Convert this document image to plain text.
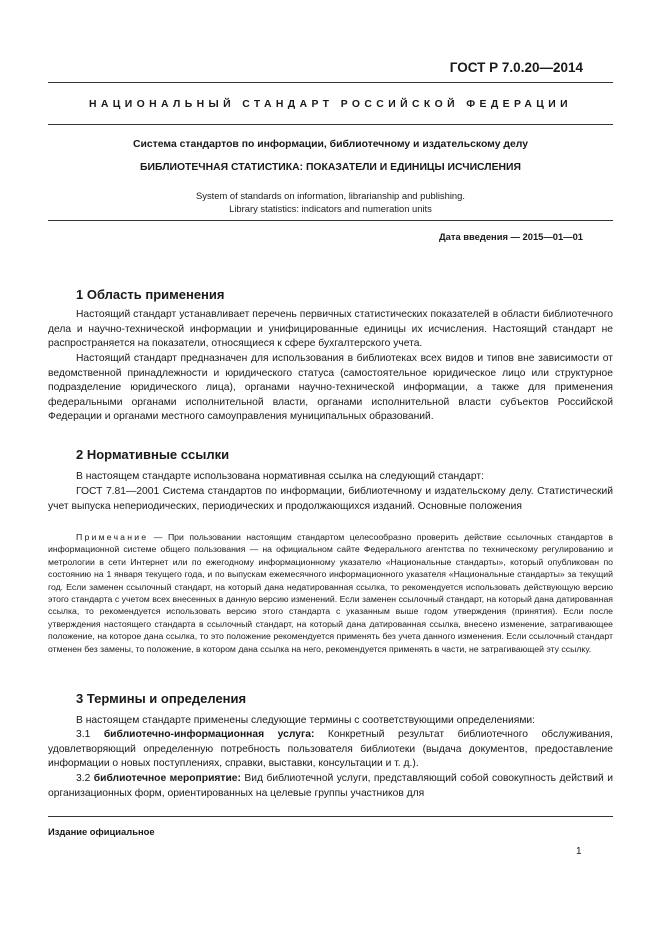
ГОСТ Р 7.0.20—2014
НАЦИОНАЛЬНЫЙ СТАНДАРТ РОССИЙСКОЙ ФЕДЕРАЦИИ
Система стандартов по информации, библиотечному и издательскому делу
БИБЛИОТЕЧНАЯ СТАТИСТИКА: ПОКАЗАТЕЛИ И ЕДИНИЦЫ ИСЧИСЛЕНИЯ
System of standards on information, librarianship and publishing.
Library statistics: indicators and numeration units
Дата введения — 2015—01—01
1 Область применения

Настоящий стандарт устанавливает перечень первичных статистических показателей в области библиотечного дела и научно-технической информации и унифицированные единицы их исчисления. Настоящий стандарт не распространяется на показатели, относящиеся к сфере бухгалтерского учета.

Настоящий стандарт предназначен для использования в библиотеках всех видов и типов вне зависимости от ведомственной принадлежности и юридического статуса (самостоятельное юридическое лицо или структурное подразделение юридического лица), органами научно-технической информации, а также для применения федеральными органами исполнительной власти, органами исполнительной власти субъектов Российской Федерации и органами местного самоуправления муниципальных образований.

2 Нормативные ссылки

В настоящем стандарте использована нормативная ссылка на следующий стандарт:

ГОСТ 7.81—2001 Система стандартов по информации, библиотечному и издательскому делу. Статистический учет выпуска непериодических, периодических и продолжающихся изданий. Основные положения

Примечание — При пользовании настоящим стандартом целесообразно проверить действие ссылочных стандартов в информационной системе общего пользования — на официальном сайте Федерального агентства по техническому регулированию и метрологии в сети Интернет или по ежегодному информационному указателю «Национальные стандарты», который опубликован по состоянию на 1 января текущего года, и по выпускам ежемесячного информационного указателя «Национальные стандарты» за текущий год. Если заменен ссылочный стандарт, на который дана недатированная ссылка, то рекомендуется использовать действующую версию этого стандарта с учетом всех внесенных в данную версию изменений. Если заменен ссылочный стандарт, на который дана датированная ссылка, то рекомендуется использовать версию этого стандарта с указанным выше годом утверждения (принятия). Если после утверждения настоящего стандарта в ссылочный стандарт, на который дана датированная ссылка, внесено изменение, затрагивающее положение, на которое дана ссылка, то это положение рекомендуется применять без учета данного изменения. Если ссылочный стандарт отменен без замены, то положение, в котором дана ссылка на него, рекомендуется применять в части, не затрагивающей эту ссылку.

3 Термины и определения

В настоящем стандарте применены следующие термины с соответствующими определениями:

3.1 библиотечно-информационная услуга: Конкретный результат библиотечного обслуживания, удовлетворяющий определенную потребность пользователя библиотеки (выдача документов, предоставление информации о новых поступлениях, справки, выставки, консультации и т. д.).

3.2 библиотечное мероприятие: Вид библиотечной услуги, представляющий собой совокупность действий и организационных форм, ориентированных на целевые группы участников для

Издание официальное
1
